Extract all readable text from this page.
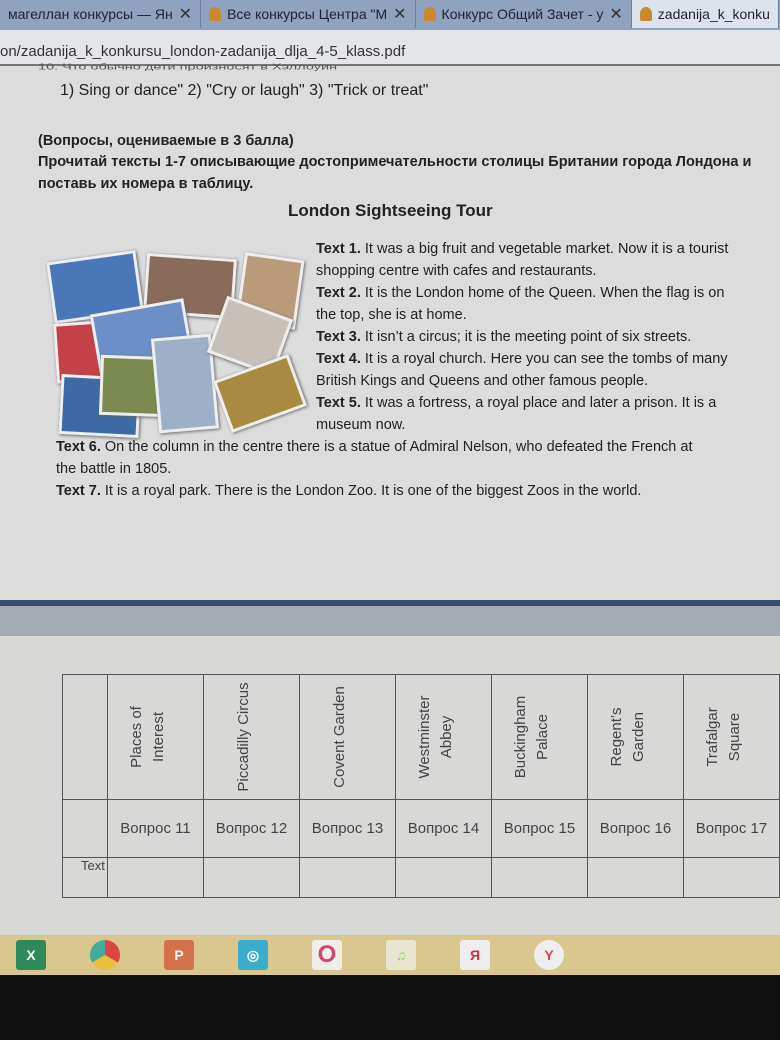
магеллан конкурсы — Ян ✕	Все конкурсы Центра "М ✕	Конкурс Общий Зачет - у ✕	zadanija_k_konku
on/zadanija_k_konkursu_london-zadanija_dlja_4-5_klass.pdf
10. Что обычно дети произносят в Хэллоуин
1) Sing or dance" 2) "Cry or laugh" 3) "Trick or treat"
(Вопросы, оцениваемые в 3 балла)
Прочитай тексты 1-7 описывающие достопримечательности столицы Британии города Лондона и поставь их номера в таблицу.
London Sightseeing Tour
Text 1. It was a big fruit and vegetable market. Now it is a tourist shopping centre with cafes and restaurants.
Text 2. It is the London home of the Queen. When the flag is on the top, she is at home.
Text 3. It isn’t a circus; it is the meeting point of six streets.
Text 4. It is a royal church. Here you can see the tombs of many British Kings and Queens and other famous people.
Text 5. It was a fortress, a royal place and later a prison. It is a museum now.
Text 6. On the column in the centre there is a statue of Admiral Nelson, who defeated the French at the battle in 1805.
Text 7. It is a royal park. There is the London Zoo. It is one of the biggest Zoos in the world.

	Places of Interest	Piccadilly Circus	Covent Garden	Westminster Abbey	Buckingham Palace	Regent’s Garden	Trafalgar Square

	Вопрос 11	Вопрос 12	Вопрос 13	Вопрос 14	Вопрос 15	Вопрос 16	Вопрос 17
Text							
X	P	◎	O	♫	Я	Y
